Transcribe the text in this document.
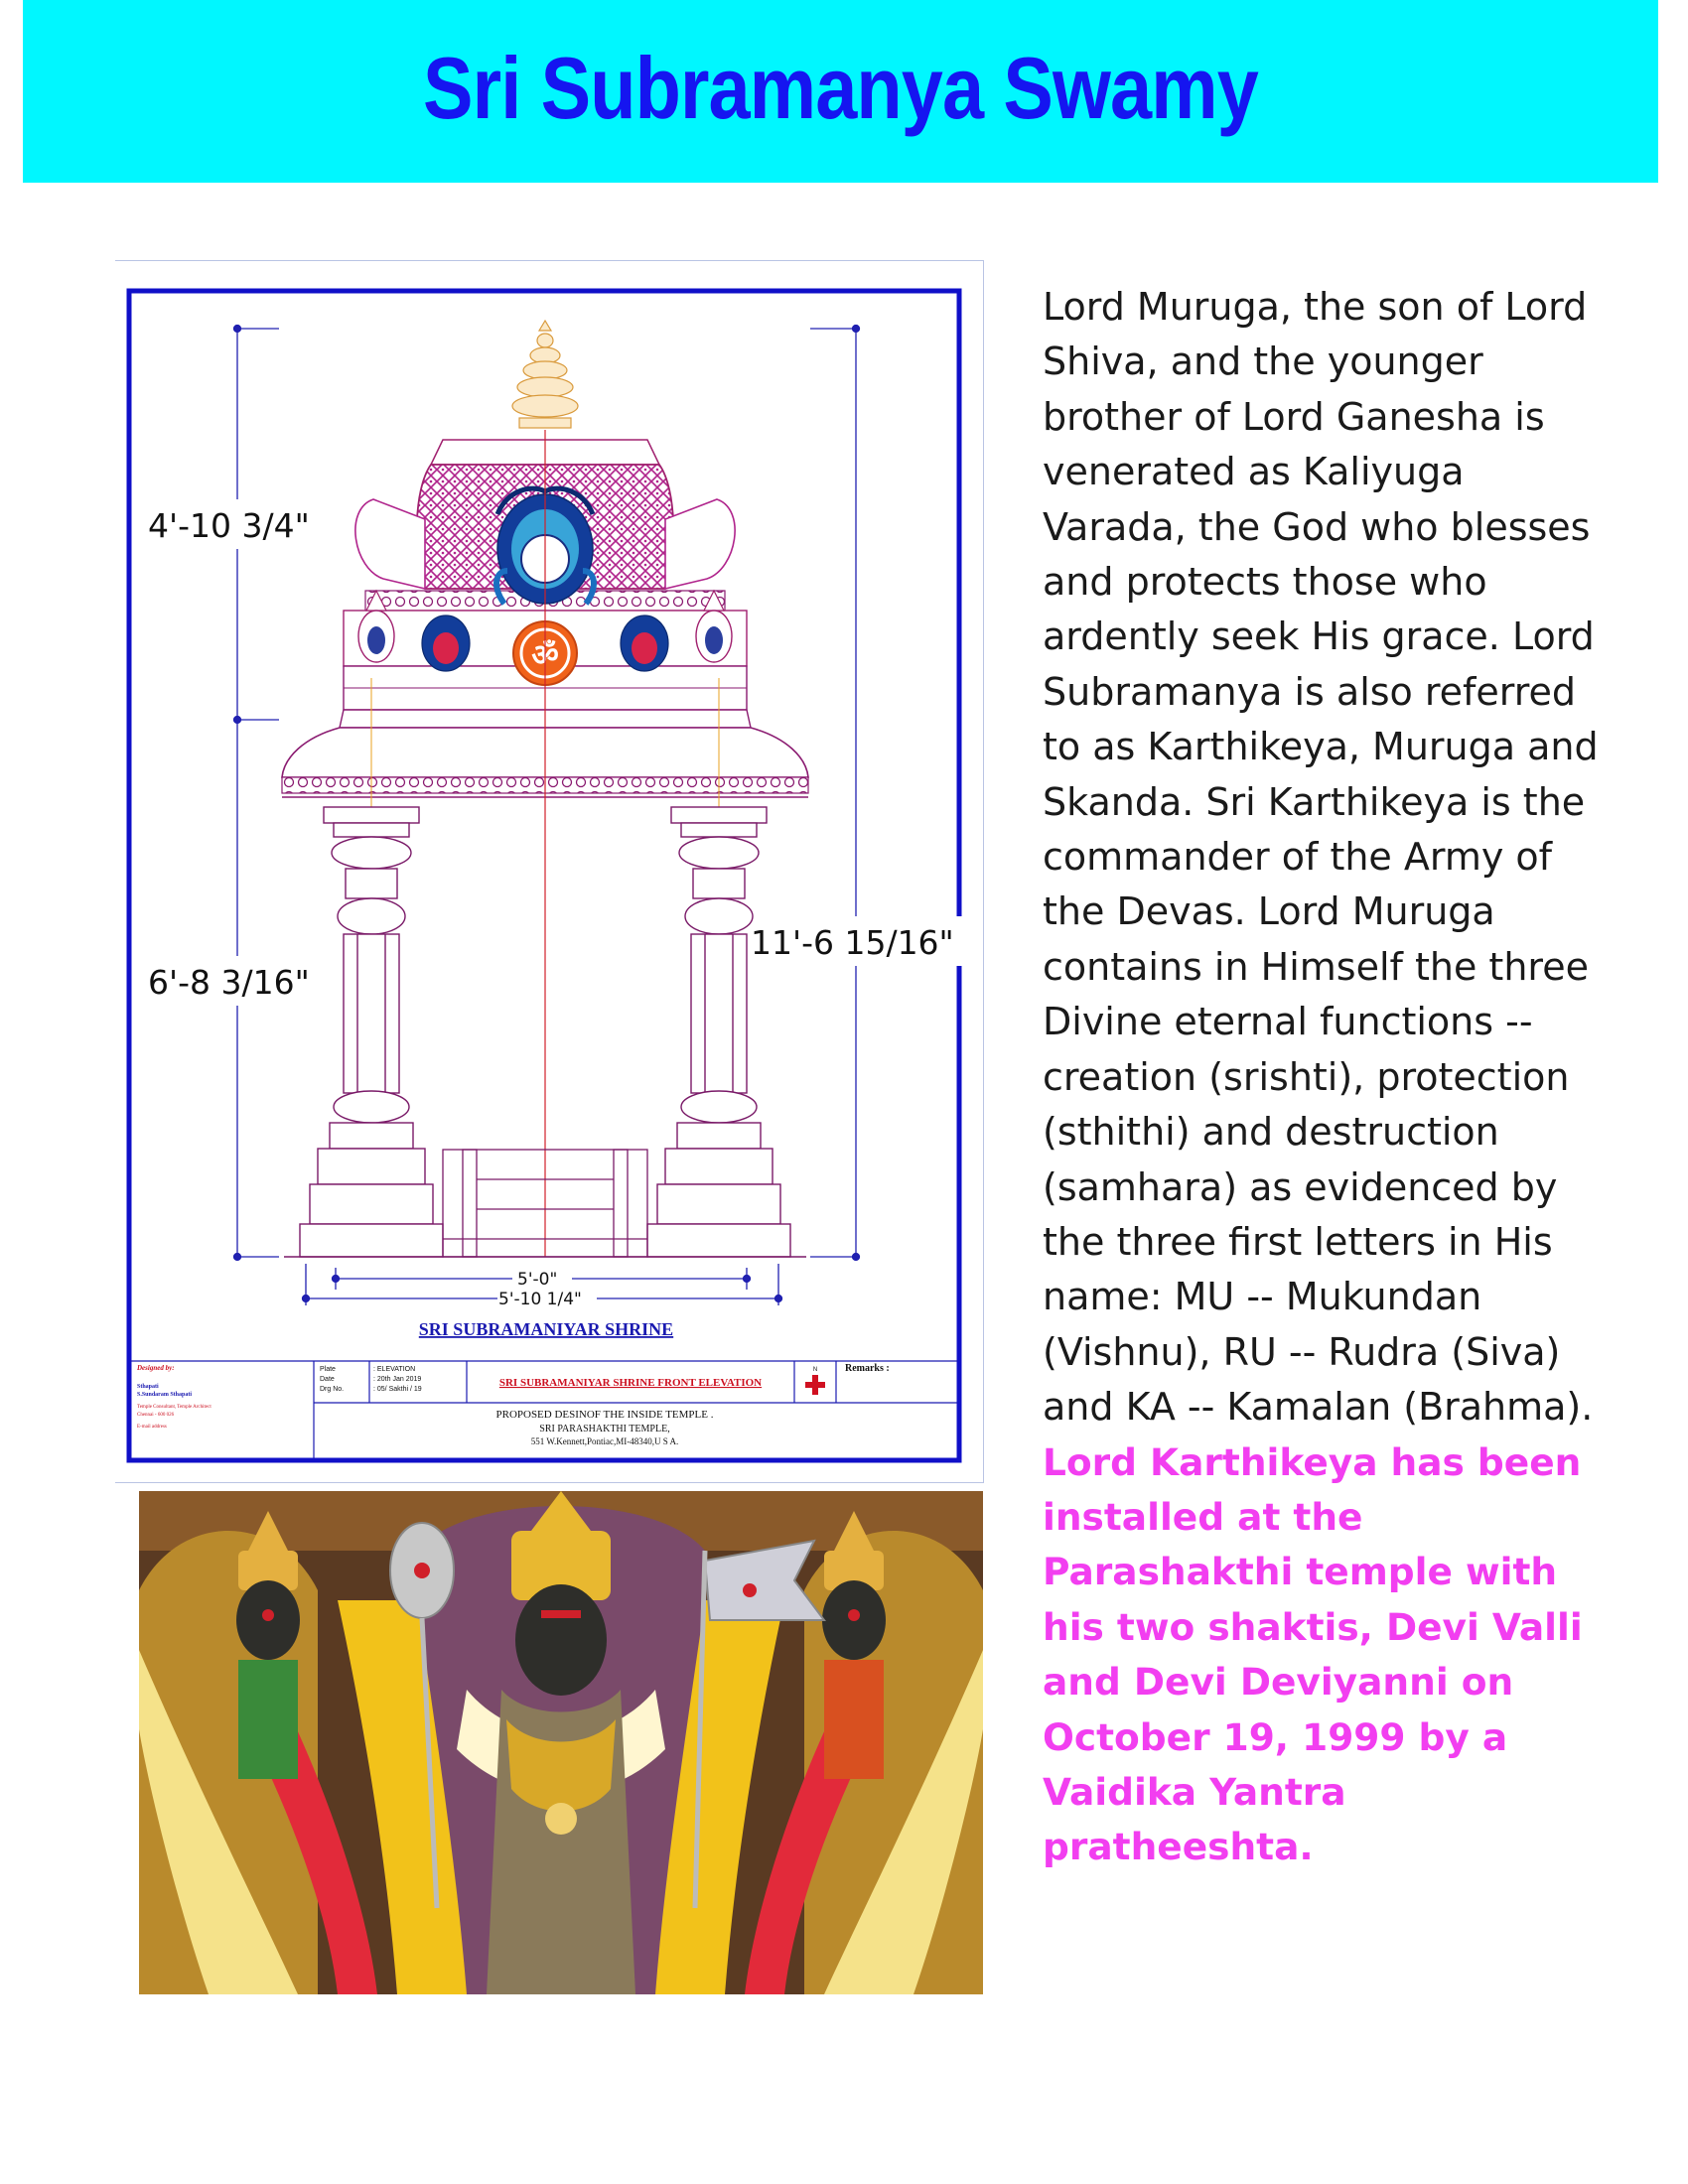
Sri Subramanya Swamy
4'-10 3/4"
6'-8 3/16"
11'-6 15/16"
5'-0"
5'-10 1/4"
ॐ
SRI SUBRAMANIYAR SHRINE
Designed by:
Sthapati
S.Sundaram Sthapati
Temple Consultant, Temple Architect
Chennai - 600 026
E-mail address
Plate	: ELEVATION
Date	: 20th Jan 2019
Drg No.	: 05/ Sakthi / 19
SRI SUBRAMANIYAR SHRINE FRONT ELEVATION
N	Remarks :
PROPOSED DESINOF THE INSIDE TEMPLE .
SRI PARASHAKTHI TEMPLE,
551 W.Kennett,Pontiac,MI-48340,U S A.

Lord Muruga, the son of Lord Shiva, and the younger brother of Lord Ganesha is venerated as Kaliyuga Varada, the God who blesses and protects those who ardently seek His grace. Lord Subramanya is also referred to as Karthikeya, Muruga and Skanda. Sri Karthikeya is the commander of the Army of the Devas. Lord Muruga contains in Himself the three Divine eternal functions -- creation (srishti), protection (sthithi) and destruction (samhara) as evidenced by the three first letters in His name: MU -- Mukundan (Vishnu), RU -- Rudra (Siva) and KA -- Kamalan (Brahma). Lord Karthikeya has been installed at the Parashakthi temple with his two shaktis, Devi Valli and Devi Deviyanni on October 19, 1999 by a Vaidika Yantra pratheeshta.
